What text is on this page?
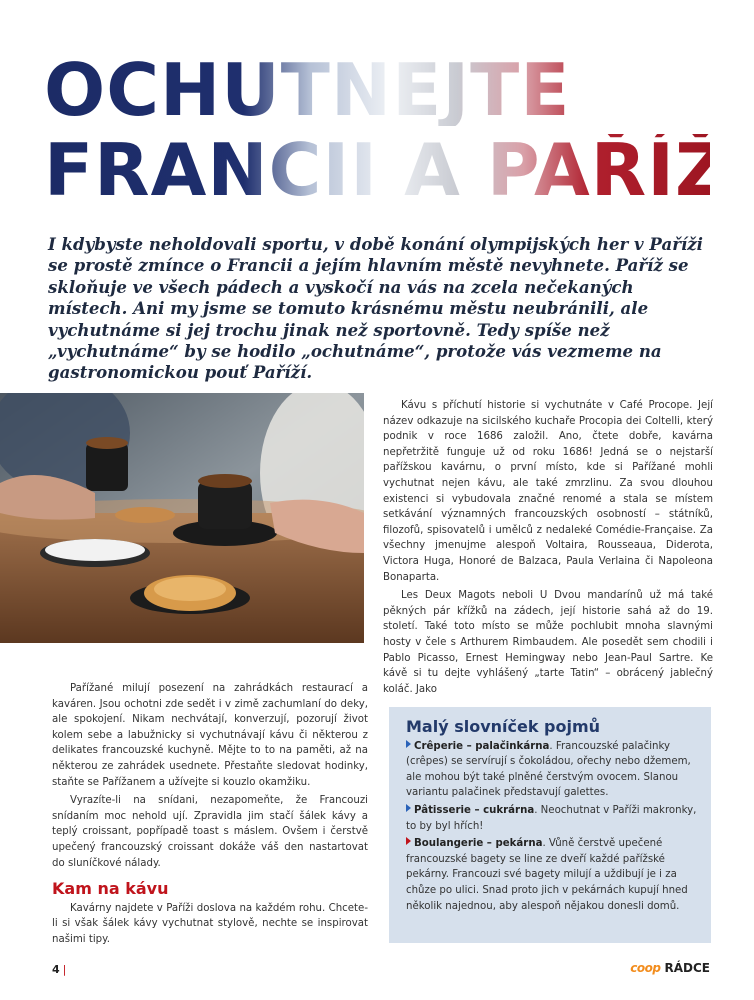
OCHUTNEJTE
FRANCII A PAŘÍŽ

I kdybyste neholdovali sportu, v době konání olympijských her v Paříži se prostě zmínce o Francii a jejím hlavním městě nevyhnete. Paříž se skloňuje ve všech pádech a vyskočí na vás na zcela nečekaných místech. Ani my jsme se tomuto krásnému městu neubránili, ale vychutnáme si jej trochu jinak než sportovně. Tedy spíše než „vychutnáme“ by se hodilo „ochutnáme“, protože vás vezmeme na gastronomickou pouť Paříží.

Kávu s příchutí historie si vychutnáte v Café Procope. Její název odkazuje na sicilského kuchaře Procopia dei Coltelli, který podnik v roce 1686 založil. Ano, čtete dobře, kavárna nepřetržitě funguje už od roku 1686! Jedná se o nejstarší pařížskou kavárnu, o první místo, kde si Pařížané mohli vychutnat nejen kávu, ale také zmrzlinu. Za svou dlouhou existenci si vybudovala značné renomé a stala se místem setkávání významných francouzských osobností – státníků, filozofů, spisovatelů i umělců z nedaleké Comédie-Française. Za všechny jmenujme alespoň Voltaira, Rousseaua, Diderota, Victora Huga, Honoré de Balzaca, Paula Verlaina či Napoleona Bonaparta.

Les Deux Magots neboli U Dvou mandarínů už má také pěkných pár křížků na zádech, její historie sahá až do 19. století. Také toto místo se může pochlubit mnoha slavnými hosty v čele s Arthurem Rimbaudem. Ale posedět sem chodili i Pablo Picasso, Ernest Hemingway nebo Jean-Paul Sartre. Ke kávě si tu dejte vyhlášený „tarte Tatin“ – obrácený jablečný koláč. Jako

Pařížané milují posezení na zahrádkách restaurací a kaváren. Jsou ochotni zde sedět i v zimě zachumlaní do deky, ale spokojení. Nikam nechvátají, konverzují, pozorují život kolem sebe a labužnicky si vychutnávají kávu či některou z delikates francouzské kuchyně. Mějte to to na paměti, až na některou ze zahrádek usednete. Přestaňte sledovat hodinky, staňte se Pařížanem a užívejte si kouzlo okamžiku.

Vyrazíte-li na snídani, nezapomeňte, že Francouzi snídaním moc nehold ují. Zpravidla jim stačí šálek kávy a teplý croissant, popřípadě toast s máslem. Ovšem i čerstvě upečený francouzský croissant dokáže váš den nastartovat do sluníčkové nálady.

Kam na kávu

Kavárny najdete v Paříži doslova na každém rohu. Chcete-li si však šálek kávy vychutnat stylově, nechte se inspirovat našimi tipy.

Malý slovníček pojmů
Crêperie – palačinkárna. Francouzské palačinky (crêpes) se servírují s čokoládou, ořechy nebo džemem, ale mohou být také plněné čerstvým ovocem. Slanou variantu palačinek představují galettes.
Pâtisserie – cukrárna. Neochutnat v Paříži makronky, to by byl hřích!
Boulangerie – pekárna. Vůně čerstvě upečené francouzské bagety se line ze dveří každé pařížské pekárny. Francouzi své bagety milují a uždibují je i za chůze po ulici. Snad proto jich v pekárnách kupují hned několik najednou, aby alespoň nějakou donesli domů.
4 |	coop RÁDCE
